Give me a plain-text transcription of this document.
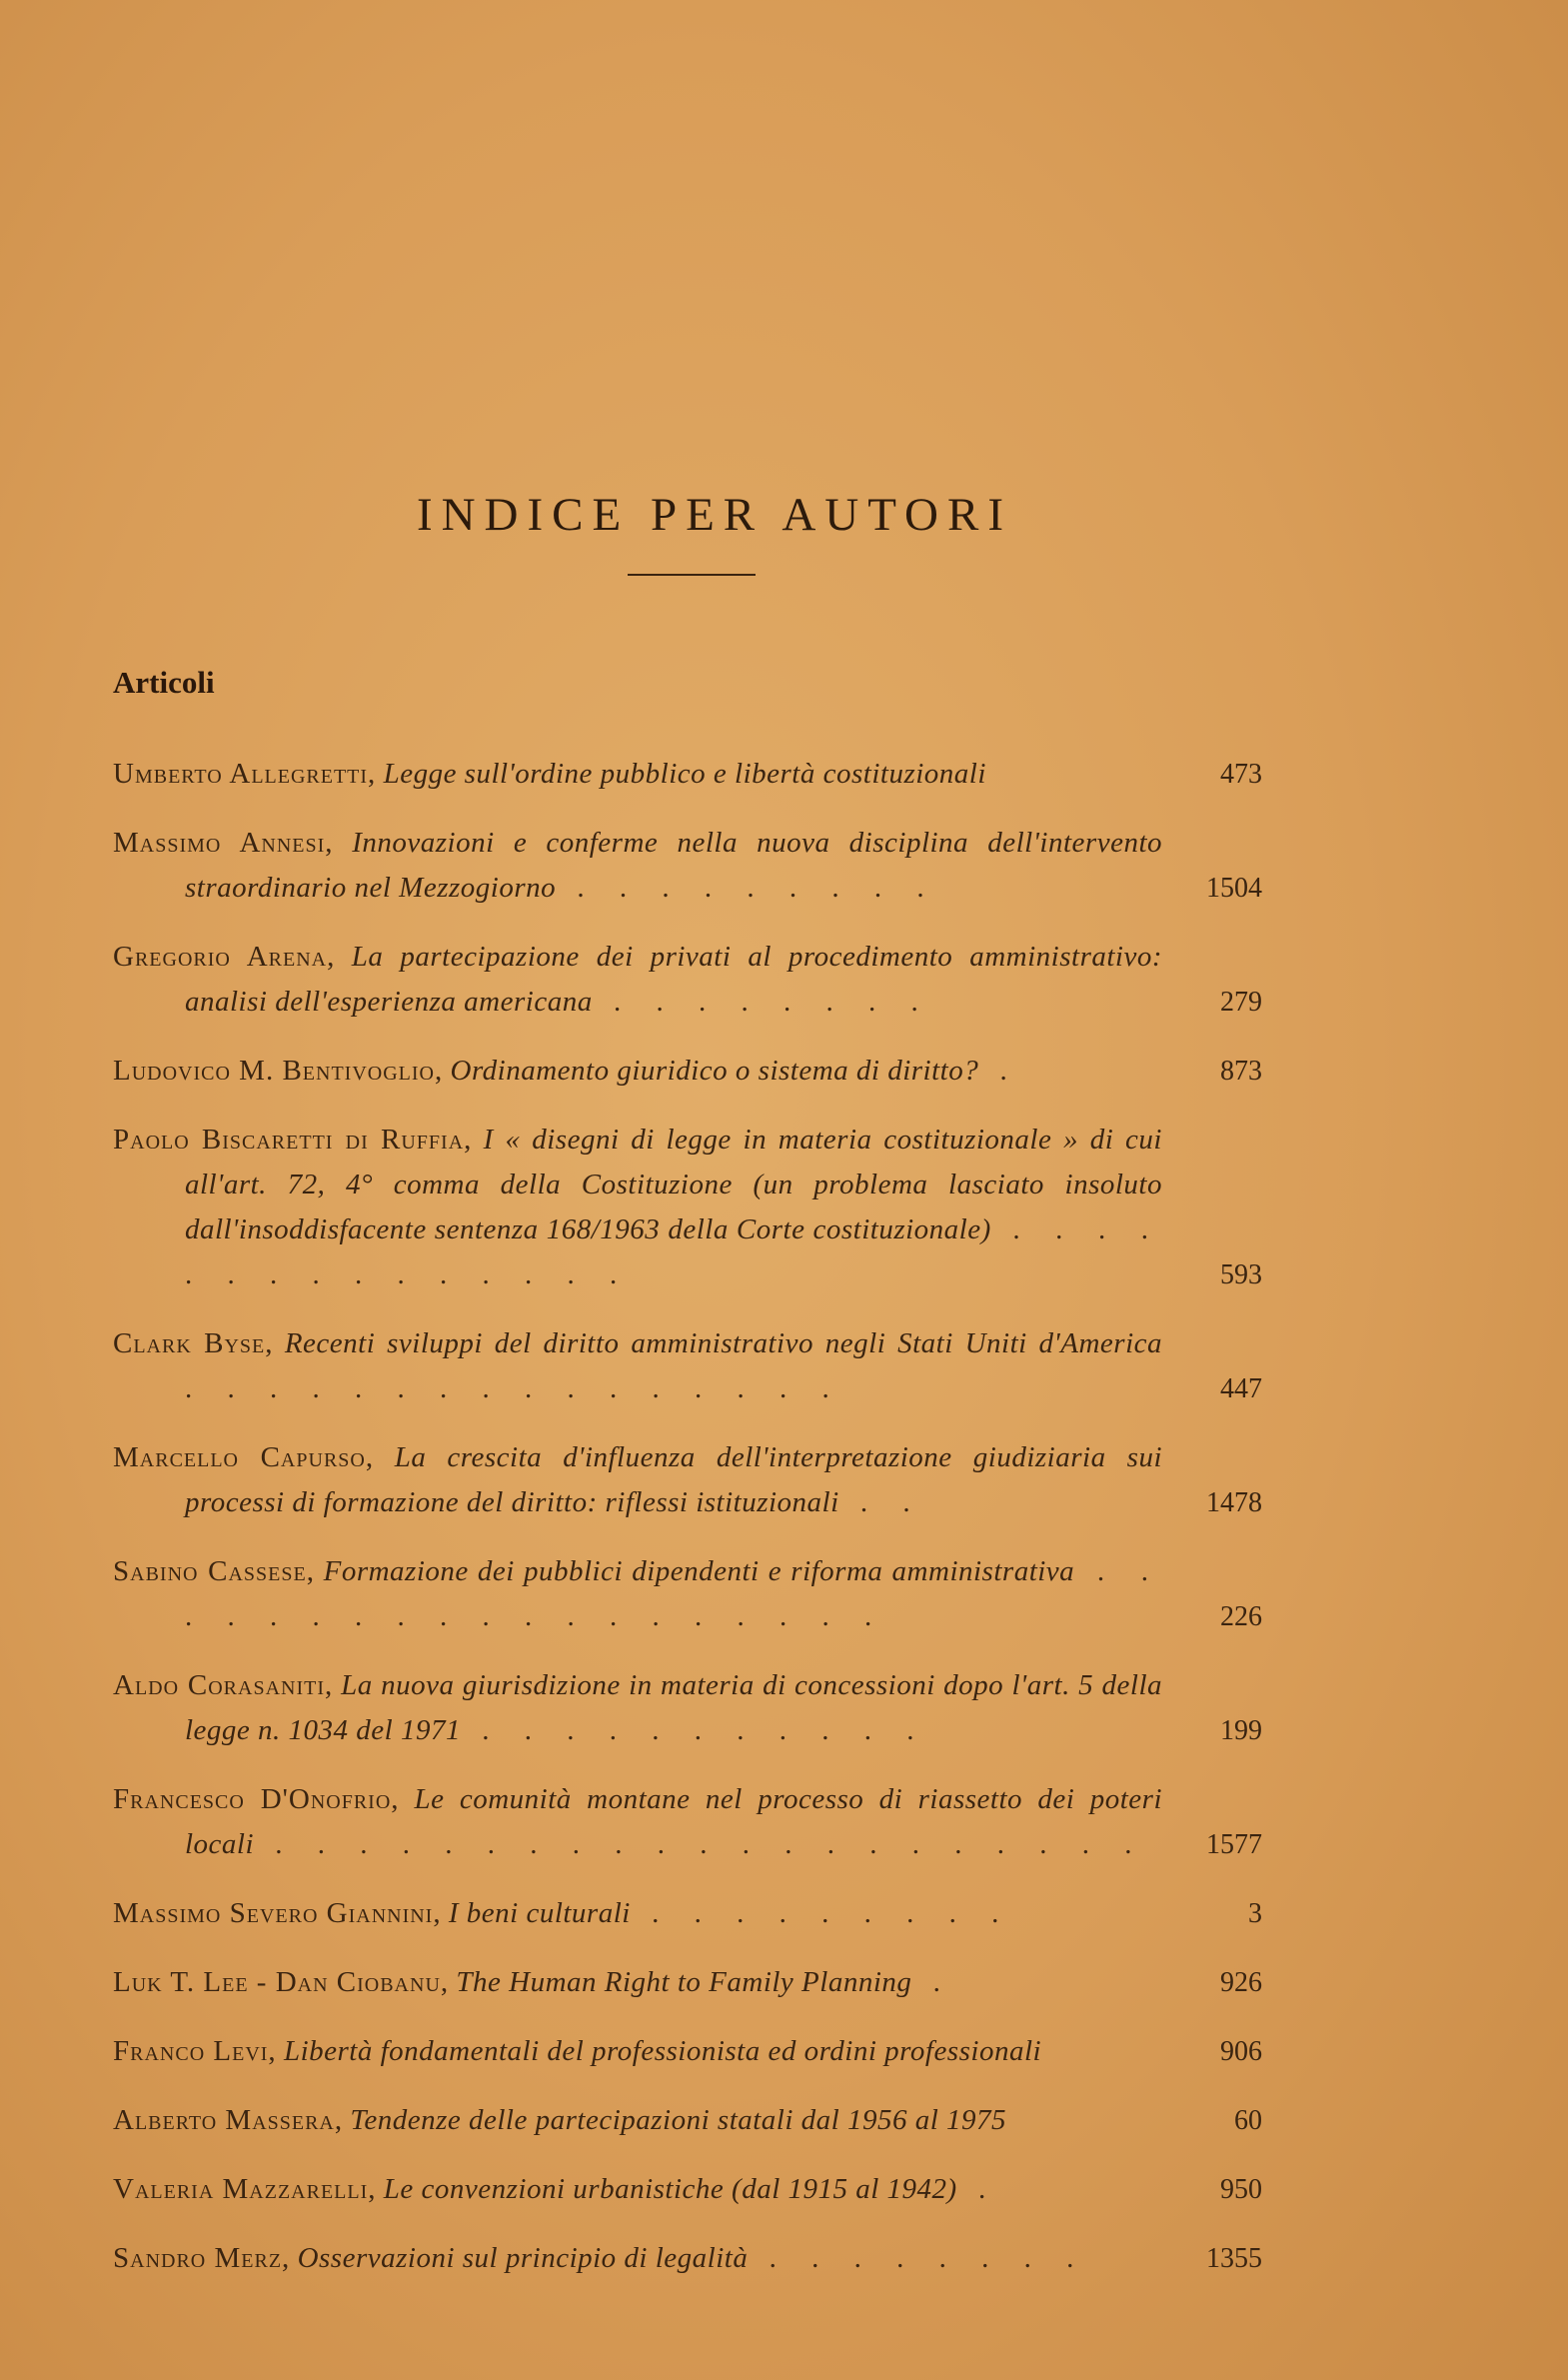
INDICE PER AUTORI
Articoli
Umberto Allegretti, Legge sull'ordine pubblico e libertà costituzionali	473
Massimo Annesi, Innovazioni e conferme nella nuova disciplina dell'intervento straordinario nel Mezzogiorno . . . . . . . . .	1504
Gregorio Arena, La partecipazione dei privati al procedimento amministrativo: analisi dell'esperienza americana . . . . . . . .	279
Ludovico M. Bentivoglio, Ordinamento giuridico o sistema di diritto? .	873
Paolo Biscaretti di Ruffia, I « disegni di legge in materia costituzionale » di cui all'art. 72, 4° comma della Costituzione (un problema lasciato insoluto dall'insoddisfacente sentenza 168/1963 della Corte costituzionale) . . . . . . . . . . . . . . .	593
Clark Byse, Recenti sviluppi del diritto amministrativo negli Stati Uniti d'America . . . . . . . . . . . . . . . .	447
Marcello Capurso, La crescita d'influenza dell'interpretazione giudiziaria sui processi di formazione del diritto: riflessi istituzionali . .	1478
Sabino Cassese, Formazione dei pubblici dipendenti e riforma amministrativa . . . . . . . . . . . . . . . . . . .	226
Aldo Corasaniti, La nuova giurisdizione in materia di concessioni dopo l'art. 5 della legge n. 1034 del 1971 . . . . . . . . . . .	199
Francesco D'Onofrio, Le comunità montane nel processo di riassetto dei poteri locali . . . . . . . . . . . . . . . . . . . . .	1577
Massimo Severo Giannini, I beni culturali . . . . . . . . .	3
Luk T. Lee - Dan Ciobanu, The Human Right to Family Planning .	926
Franco Levi, Libertà fondamentali del professionista ed ordini professionali	906
Alberto Massera, Tendenze delle partecipazioni statali dal 1956 al 1975	60
Valeria Mazzarelli, Le convenzioni urbanistiche (dal 1915 al 1942) .	950
Sandro Merz, Osservazioni sul principio di legalità . . . . . . . .	1355
